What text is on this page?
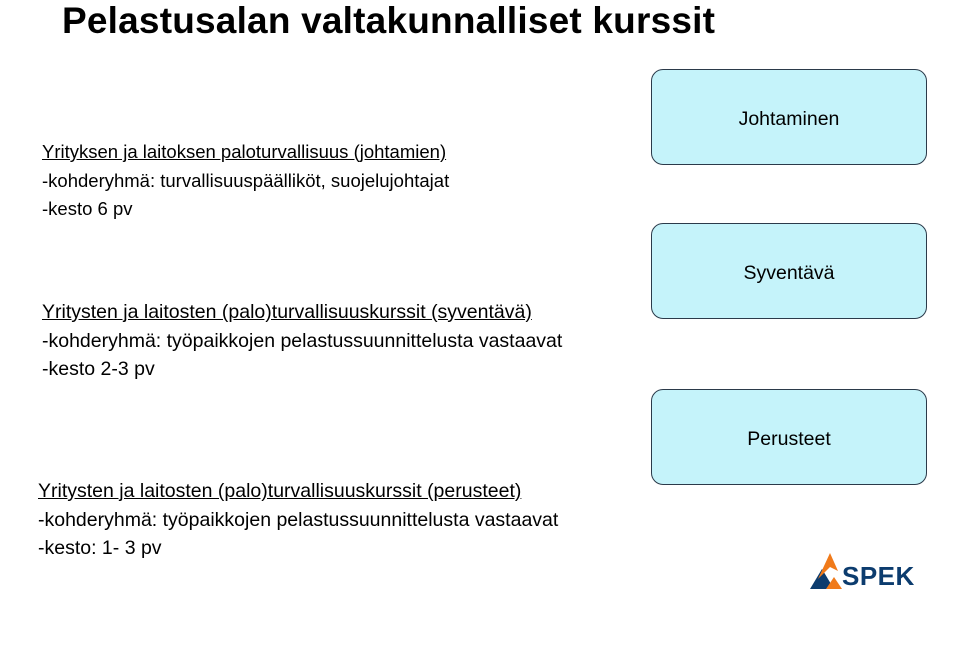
Pelastusalan valtakunnalliset kurssit
Yrityksen ja laitoksen paloturvallisuus (johtamien)
-kohderyhmä: turvallisuuspäälliköt, suojelujohtajat
-kesto 6 pv
Yritysten ja laitosten (palo)turvallisuuskurssit (syventävä)
-kohderyhmä: työpaikkojen pelastussuunnittelusta vastaavat
-kesto 2-3 pv
Yritysten ja laitosten (palo)turvallisuuskurssit (perusteet)
-kohderyhmä: työpaikkojen pelastussuunnittelusta vastaavat
-kesto: 1- 3 pv
Johtaminen
Syventävä
Perusteet
SPEK
